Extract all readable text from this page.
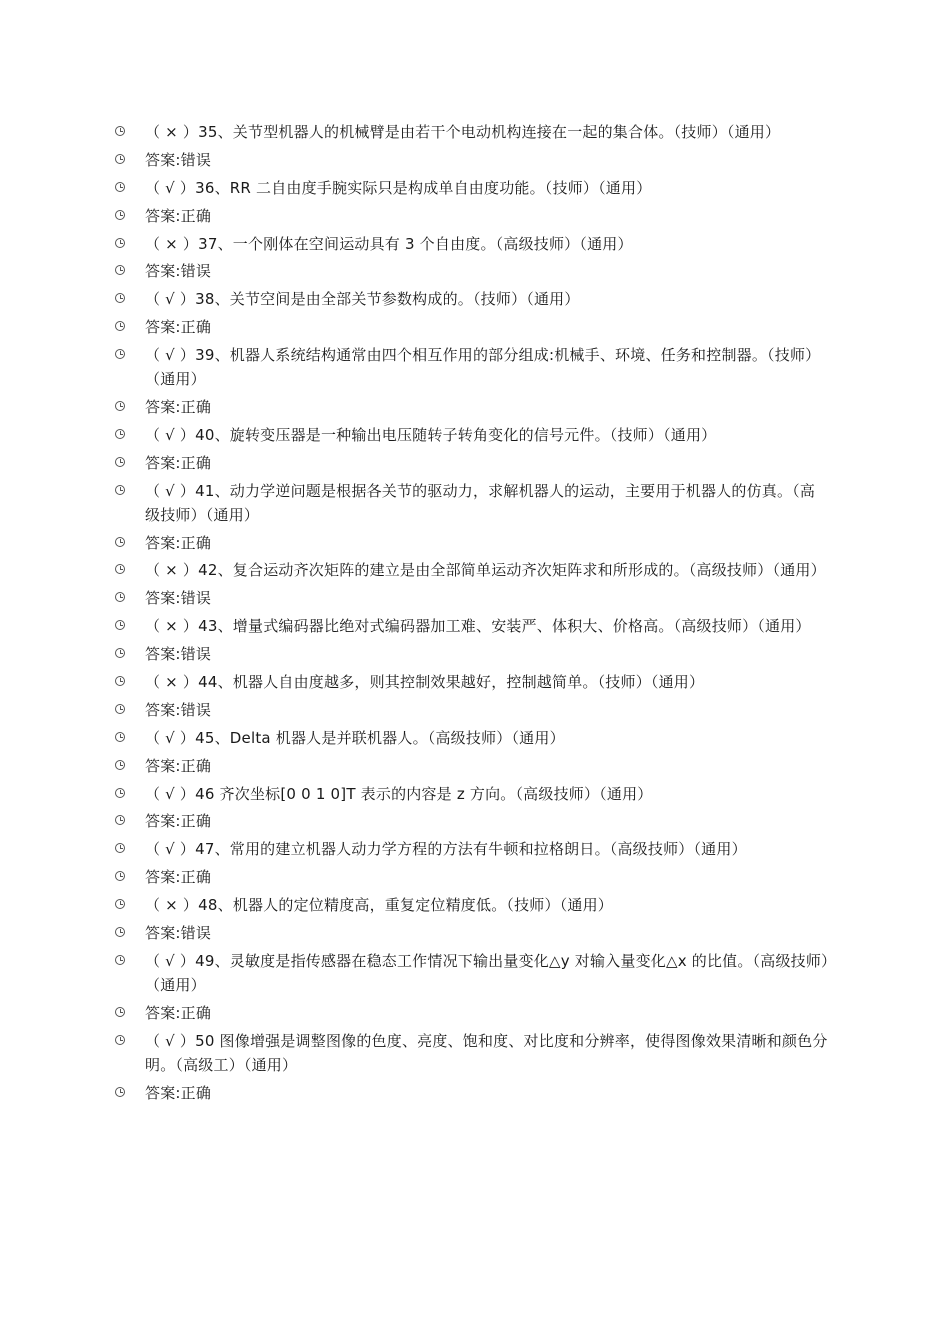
（ × ）35、关节型机器人的机械臂是由若干个电动机构连接在一起的集合体。（技师）（通用）
答案:错误
（ √ ）36、RR 二自由度手腕实际只是构成单自由度功能。（技师）（通用）
答案:正确
（ × ）37、一个刚体在空间运动具有 3 个自由度。（高级技师）（通用）
答案:错误
（ √ ）38、关节空间是由全部关节参数构成的。（技师）（通用）
答案:正确
（ √ ）39、机器人系统结构通常由四个相互作用的部分组成:机械手、环境、任务和控制器。（技师）（通用）
答案:正确
（ √ ）40、旋转变压器是一种输出电压随转子转角变化的信号元件。（技师）（通用）
答案:正确
（ √ ）41、动力学逆问题是根据各关节的驱动力，求解机器人的运动，主要用于机器人的仿真。（高级技师）（通用）
答案:正确
（ × ）42、复合运动齐次矩阵的建立是由全部简单运动齐次矩阵求和所形成的。（高级技师）（通用）
答案:错误
（ × ）43、增量式编码器比绝对式编码器加工难、安装严、体积大、价格高。（高级技师）（通用）
答案:错误
（ × ）44、机器人自由度越多，则其控制效果越好，控制越简单。（技师）（通用）
答案:错误
（ √ ）45、Delta 机器人是并联机器人。（高级技师）（通用）
答案:正确
（ √ ）46 齐次坐标[0 0 1 0]T 表示的内容是 z 方向。（高级技师）（通用）
答案:正确
（ √ ）47、常用的建立机器人动力学方程的方法有牛顿和拉格朗日。（高级技师）（通用）
答案:正确
（ × ）48、机器人的定位精度高，重复定位精度低。（技师）（通用）
答案:错误
（ √ ）49、灵敏度是指传感器在稳态工作情况下输出量变化△y 对输入量变化△x 的比值。（高级技师）（通用）
答案:正确
（ √ ）50 图像增强是调整图像的色度、亮度、饱和度、对比度和分辨率，使得图像效果清晰和颜色分明。（高级工）（通用）
答案:正确
